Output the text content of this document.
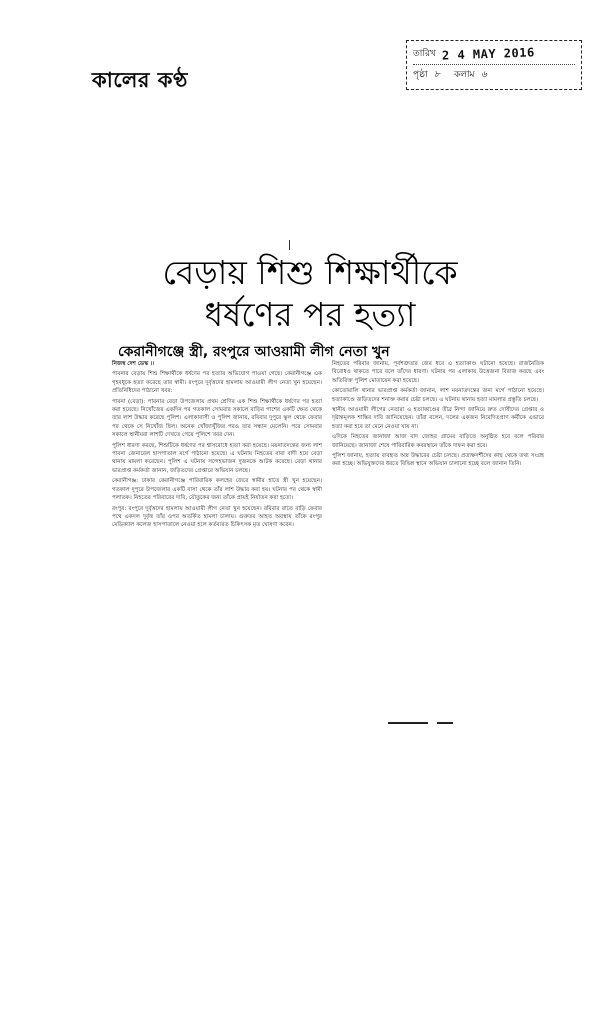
কালের কণ্ঠ
তারিখ 2 4 MAY 2016
পৃষ্ঠা ৮ কলাম ৬
বেড়ায় শিশু শিক্ষার্থীকে
ধর্ষণের পর হত্যা
কেরানীগঞ্জে স্ত্রী, রংপুরে আওয়ামী লীগ নেতা খুন

নিজস্ব দেশ ডেস্ক ।।

পাবনার বেড়ায় শিশু শিক্ষার্থীকে ধর্ষণের পর হত্যার অভিযোগ পাওয়া গেছে। কেরানীগঞ্জে এক গৃহবধূকে হত্যা করেছে তার স্বামী। রংপুরে দুর্বৃত্তদের হামলায় আওয়ামী লীগ নেতা খুন হয়েছেন। প্রতিনিধিদের পাঠানো খবর:

পাবনা (বেড়া): পাবনার বেড়া উপজেলায় প্রথম শ্রেণির এক শিশু শিক্ষার্থীকে ধর্ষণের পর হত্যা করা হয়েছে। নিখোঁজের একদিন পর গতকাল সোমবার সকালে বাড়ির পাশের একটি ক্ষেত থেকে তার লাশ উদ্ধার করেছে পুলিশ। এলাকাবাসী ও পুলিশ জানায়, রবিবার দুপুরে স্কুল থেকে ফেরার পর থেকে সে নিখোঁজ ছিল। অনেক খোঁজাখুঁজির পরও তার সন্ধান মেলেনি। পরে সোমবার সকালে স্থানীয়রা লাশটি দেখতে পেয়ে পুলিশে খবর দেন।

পুলিশ ধারণা করছে, শিশুটিকে ধর্ষণের পর শ্বাসরোধে হত্যা করা হয়েছে। ময়নাতদন্তের জন্য লাশ পাবনা জেনারেল হাসপাতাল মর্গে পাঠানো হয়েছে। এ ঘটনায় নিহতের বাবা বাদী হয়ে বেড়া থানায় মামলা করেছেন। পুলিশ এ ঘটনায় সন্দেহভাজন দুজনকে আটক করেছে। বেড়া থানার ভারপ্রাপ্ত কর্মকর্তা জানান, জড়িতদের গ্রেপ্তারে অভিযান চলছে।

কেরানীগঞ্জ: ঢাকার কেরানীগঞ্জে পারিবারিক কলহের জেরে স্বামীর হাতে স্ত্রী খুন হয়েছেন। গতকাল দুপুরে উপজেলার একটি বাসা থেকে তাঁর লাশ উদ্ধার করা হয়। ঘটনার পর থেকে স্বামী পলাতক। নিহতের পরিবারের দাবি, যৌতুকের জন্য তাঁকে প্রায়ই নির্যাতন করা হতো।

রংপুর: রংপুরে দুর্বৃত্তদের হামলায় আওয়ামী লীগ নেতা খুন হয়েছেন। রবিবার রাতে বাড়ি ফেরার পথে একদল দুর্বৃত্ত তাঁর ওপর অতর্কিত হামলা চালায়। গুরুতর আহত অবস্থায় তাঁকে রংপুর মেডিক্যাল কলেজ হাসপাতালে নেওয়া হলে কর্তব্যরত চিকিৎসক মৃত ঘোষণা করেন।

নিহতের পরিবার জানায়, পূর্বশত্রুতার জের ধরে এ হত্যাকাণ্ড ঘটানো হয়েছে। রাজনৈতিক বিরোধও থাকতে পারে বলে তাঁদের ধারণা। ঘটনার পর এলাকায় উত্তেজনা বিরাজ করছে এবং অতিরিক্ত পুলিশ মোতায়েন করা হয়েছে।

কোতোয়ালি থানার ভারপ্রাপ্ত কর্মকর্তা জানান, লাশ ময়নাতদন্তের জন্য মর্গে পাঠানো হয়েছে। হত্যাকাণ্ডে জড়িতদের শনাক্ত করার চেষ্টা চলছে। এ ঘটনায় থানায় হত্যা মামলার প্রস্তুতি চলছে।

স্থানীয় আওয়ামী লীগের নেতারা এ হত্যাকাণ্ডের তীব্র নিন্দা জানিয়ে দ্রুত দোষীদের গ্রেপ্তার ও দৃষ্টান্তমূলক শাস্তির দাবি জানিয়েছেন। তাঁরা বলেন, দলের একজন নিবেদিতপ্রাণ কর্মীকে এভাবে হত্যা করা হবে তা মেনে নেওয়া যায় না।

এদিকে নিহতের জানাজা আজ বাদ জোহর গ্রামের বাড়িতে অনুষ্ঠিত হবে বলে পরিবার জানিয়েছে। জানাজা শেষে পারিবারিক কবরস্থানে তাঁকে দাফন করা হবে।

পুলিশ জানায়, হত্যায় ব্যবহৃত অস্ত্র উদ্ধারের চেষ্টা চলছে। প্রত্যক্ষদর্শীদের কাছ থেকে তথ্য সংগ্রহ করা হচ্ছে। অভিযুক্তদের ধরতে বিভিন্ন স্থানে অভিযান চালানো হচ্ছে বলে জানান তিনি।
